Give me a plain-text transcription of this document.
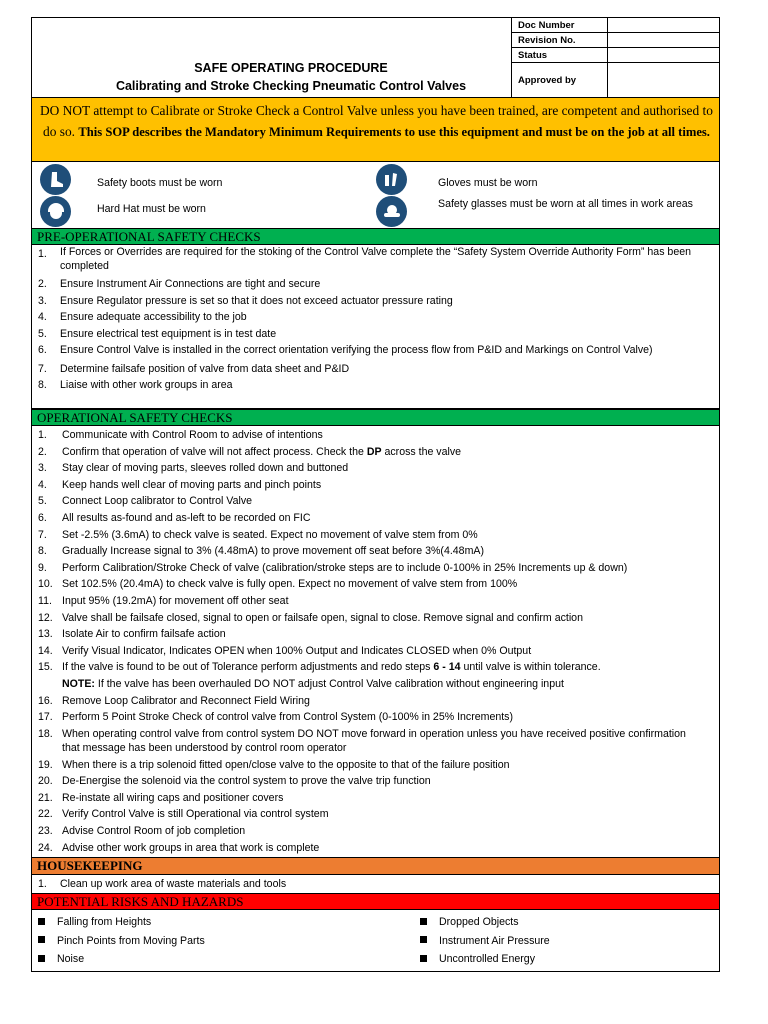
SAFE OPERATING PROCEDURE
Calibrating and Stroke Checking Pneumatic Control Valves
Doc Number
Revision No.
Status
Approved by
DO NOT attempt to Calibrate or Stroke Check a Control Valve unless you have been trained, are competent and authorised to do so. This SOP describes the Mandatory Minimum Requirements to use this equipment and must be on the job at all times.
Safety boots must be worn
Hard Hat must be worn
Gloves must be worn
Safety glasses must be worn at all times in work areas
PRE-OPERATIONAL SAFETY CHECKS
1.	If Forces or Overrides are required for the stoking of the Control Valve complete the “Safety System Override Authority Form” has been completed
2.	Ensure Instrument Air Connections are tight and secure
3.	Ensure Regulator pressure is set so that it does not exceed actuator pressure rating
4.	Ensure adequate accessibility to the job
5.	Ensure electrical test equipment is in test date
6.	Ensure Control Valve is installed in the correct orientation verifying the process flow from P&ID and Markings on Control Valve)
7.	Determine failsafe position of valve from data sheet and P&ID
8.	Liaise with other work groups in area
OPERATIONAL SAFETY CHECKS
1.	Communicate with Control Room to advise of intentions
2.	Confirm that operation of valve will not affect process. Check the DP across the valve
3.	Stay clear of moving parts, sleeves rolled down and buttoned
4.	Keep hands well clear of moving parts and pinch points
5.	Connect Loop calibrator to Control Valve
6.	All results as-found and as-left to be recorded on FIC
7.	Set -2.5% (3.6mA) to check valve is seated. Expect no movement of valve stem from 0%
8.	Gradually Increase signal to 3% (4.48mA) to prove movement off seat before 3%(4.48mA)
9.	Perform Calibration/Stroke Check of valve (calibration/stroke steps are to include 0-100% in 25% Increments up & down)
10. Set 102.5% (20.4mA) to check valve is fully open. Expect no movement of valve stem from 100%
11. Input 95% (19.2mA) for movement off other seat
12. Valve shall be failsafe closed, signal to open or failsafe open, signal to close. Remove signal and confirm action
13. Isolate Air to confirm failsafe action
14. Verify Visual Indicator, Indicates OPEN when 100% Output and Indicates CLOSED when 0% Output
15. If the valve is found to be out of Tolerance perform adjustments and redo steps 6 - 14 until valve is within tolerance.
NOTE: If the valve has been overhauled DO NOT adjust Control Valve calibration without engineering input
16. Remove Loop Calibrator and Reconnect Field Wiring
17. Perform 5 Point Stroke Check of control valve from Control System (0-100% in 25% Increments)
18. When operating control valve from control system DO NOT move forward in operation unless you have received positive confirmation that message has been understood by control room operator
19. When there is a trip solenoid fitted open/close valve to the opposite to that of the failure position
20. De-Energise the solenoid via the control system to prove the valve trip function
21. Re-instate all wiring caps and positioner covers
22. Verify Control Valve is still Operational via control system
23. Advise Control Room of job completion
24. Advise other work groups in area that work is complete
HOUSEKEEPING
1.	Clean up work area of waste materials and tools
POTENTIAL RISKS AND HAZARDS
Falling from Heights
Pinch Points from Moving Parts
Noise
Dropped Objects
Instrument Air Pressure
Uncontrolled Energy
